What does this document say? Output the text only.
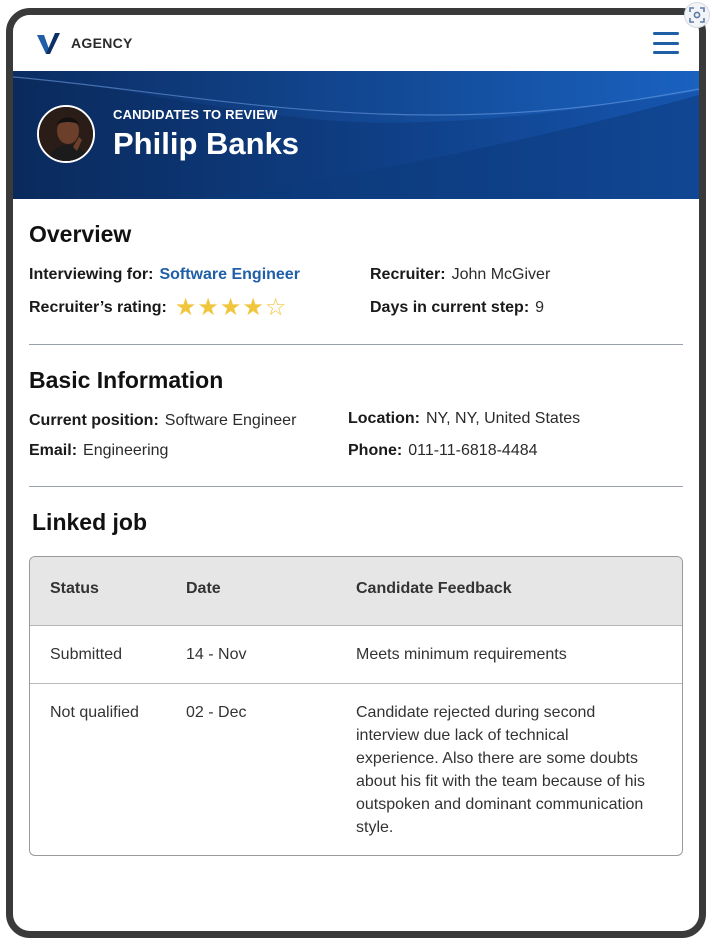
AGENCY
CANDIDATES TO REVIEW
Philip Banks
Overview
Interviewing for: Software Engineer	Recruiter: John McGiver
Recruiter’s rating: ★ ★ ★ ★ ☆	Days in current step: 9
Basic Information
Current position: Software Engineer	Location: NY, NY, United States
Email: Engineering	Phone: 011-11-6818-4484
Linked job
Status	Date	Candidate Feedback
Submitted	14 - Nov	Meets minimum requirements
Not qualified	02 - Dec	Candidate rejected during second interview due lack of technical experience. Also there are some doubts about his fit with the team because of his outspoken and dominant communication style.
